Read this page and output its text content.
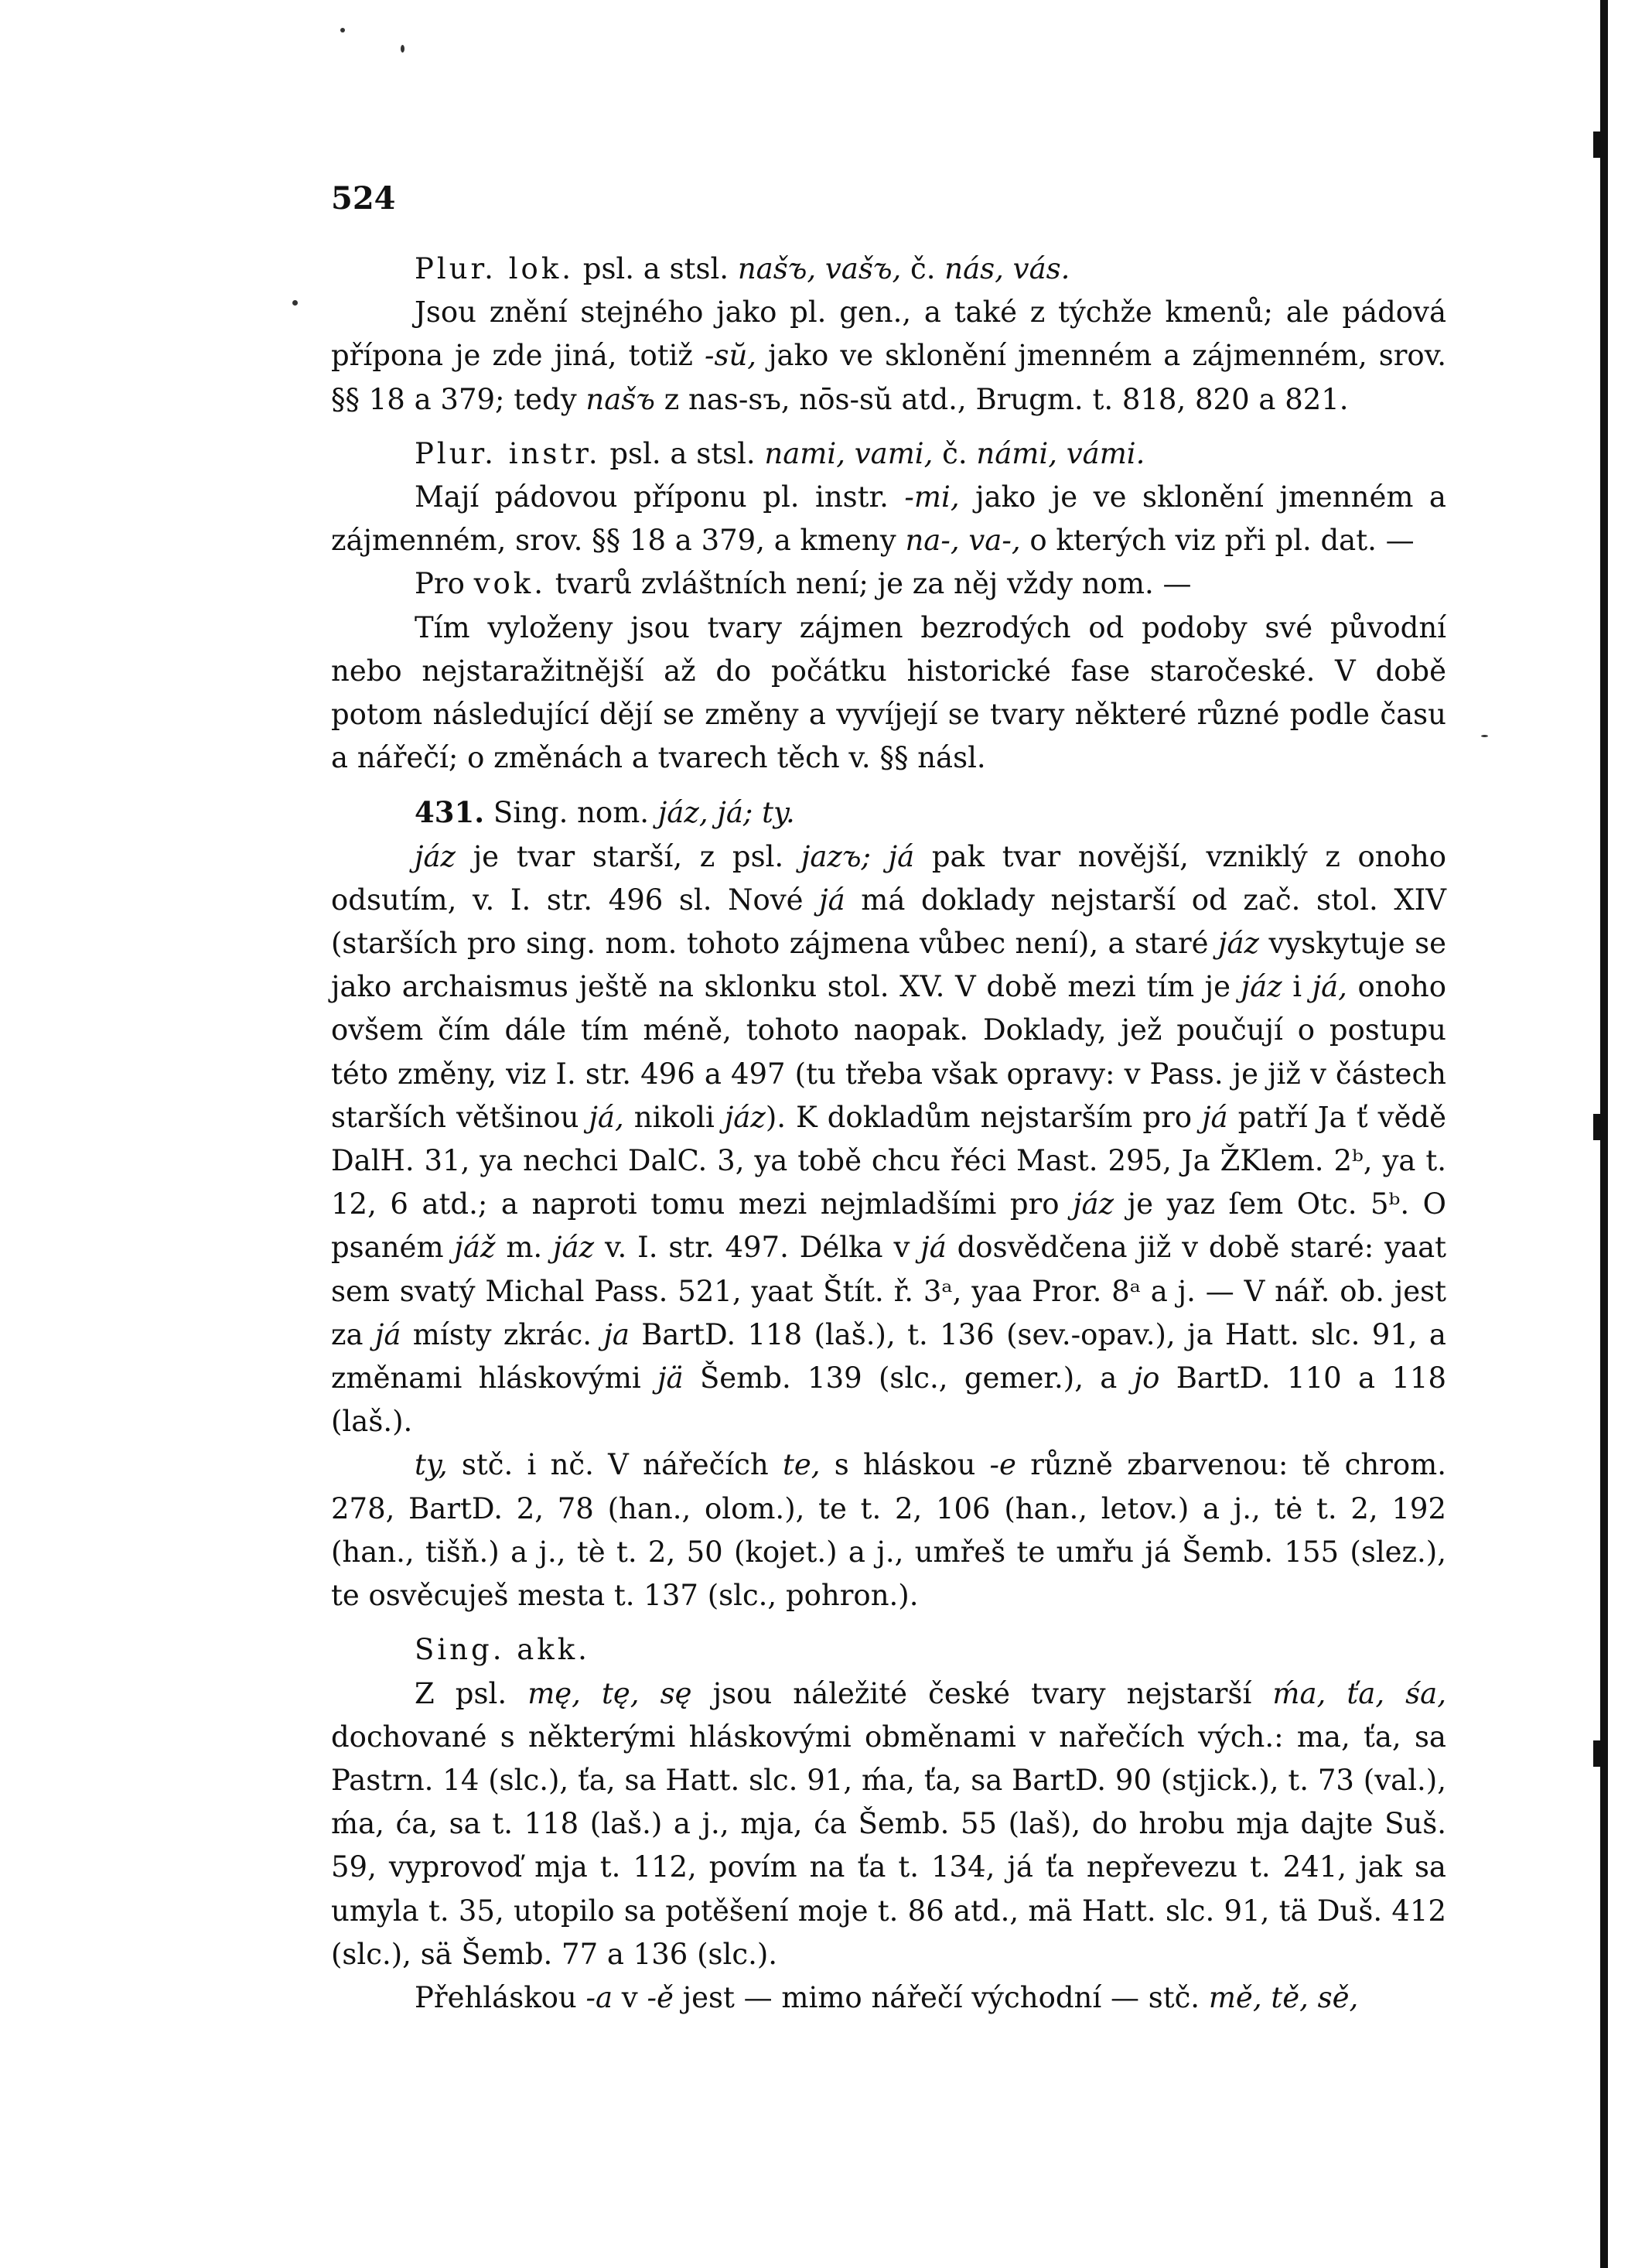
524

Plur. lok. psl. a stsl. našъ, vašъ, č. nás, vás.

Jsou znění stejného jako pl. gen., a také z týchže kmenů; ale pádová přípona je zde jiná, totiž -sŭ, jako ve sklonění jmenném a zájmenném, srov. §§ 18 a 379; tedy našъ z nas-sъ, nōs-sŭ atd., Brugm. t. 818, 820 a 821.

Plur. instr. psl. a stsl. nami, vami, č. námi, vámi.

Mají pádovou příponu pl. instr. -mi, jako je ve sklonění jmenném a zájmenném, srov. §§ 18 a 379, a kmeny na-, va-, o kterých viz při pl. dat. —

Pro vok. tvarů zvláštních není; je za něj vždy nom. —

Tím vyloženy jsou tvary zájmen bezrodých od podoby své původní nebo nejstaražitnější až do počátku historické fase staročeské. V době potom následující dějí se změny a vyvíjejí se tvary některé různé podle času a nářečí; o změnách a tvarech těch v. §§ násl.

431. Sing. nom. jáz, já; ty.

jáz je tvar starší, z psl. jazъ; já pak tvar novější, vzniklý z onoho odsutím, v. I. str. 496 sl. Nové já má doklady nejstarší od zač. stol. XIV (starších pro sing. nom. tohoto zájmena vůbec není), a staré jáz vyskytuje se jako archaismus ještě na sklonku stol. XV. V době mezi tím je jáz i já, onoho ovšem čím dále tím méně, tohoto naopak. Doklady, jež poučují o postupu této změny, viz I. str. 496 a 497 (tu třeba však opravy: v Pass. je již v částech starších většinou já, nikoli jáz). K dokladům nejstarším pro já patří Ja ť vědě DalH. 31, ya nechci DalC. 3, ya tobě chcu řéci Mast. 295, Ja ŽKlem. 2ᵇ, ya t. 12, 6 atd.; a naproti tomu mezi nejmladšími pro jáz je yaz ſem Otc. 5ᵇ. O psaném jáž m. jáz v. I. str. 497. Délka v já dosvědčena již v době staré: yaat sem svatý Michal Pass. 521, yaat Štít. ř. 3ᵃ, yaa Pror. 8ᵃ a j. — V nář. ob. jest za já místy zkrác. ja BartD. 118 (laš.), t. 136 (sev.-opav.), ja Hatt. slc. 91, a změnami hláskovými jä Šemb. 139 (slc., gemer.), a jo BartD. 110 a 118 (laš.).

ty, stč. i nč. V nářečích te, s hláskou -e různě zbarvenou: tě chrom. 278, BartD. 2, 78 (han., olom.), te t. 2, 106 (han., letov.) a j., tė t. 2, 192 (han., tišň.) a j., tè t. 2, 50 (kojet.) a j., umřeš te umřu já Šemb. 155 (slez.), te osvěcuješ mesta t. 137 (slc., pohron.).

Sing. akk.

Z psl. mę, tę, sę jsou náležité české tvary nejstarší ḿa, ťa, śa, dochované s některými hláskovými obměnami v nařečích vých.: ma, ťa, sa Pastrn. 14 (slc.), ťa, sa Hatt. slc. 91, ḿa, ťa, sa BartD. 90 (stjick.), t. 73 (val.), ḿa, ća, sa t. 118 (laš.) a j., mja, ća Šemb. 55 (laš), do hrobu mja dajte Suš. 59, vyprovoď mja t. 112, povím na ťa t. 134, já ťa nepřevezu t. 241, jak sa umyla t. 35, utopilo sa potěšení moje t. 86 atd., mä Hatt. slc. 91, tä Duš. 412 (slc.), sä Šemb. 77 a 136 (slc.).

Přehláskou -a v -ě jest — mimo nářečí východní — stč. mě, tě, sě,
